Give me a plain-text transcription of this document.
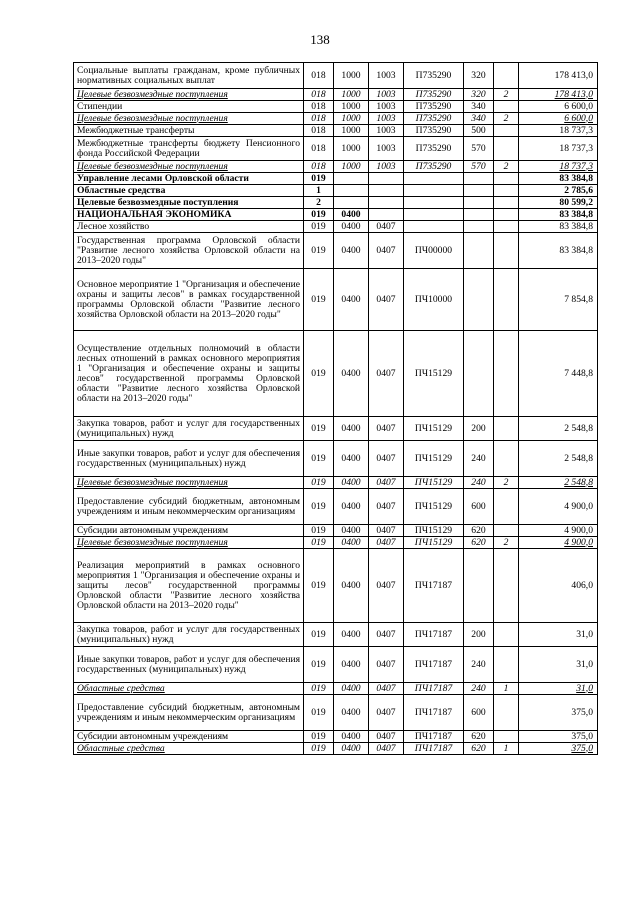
138
Социальные выплаты гражданам, кроме публичных нормативных социальных выплат	018	1000	1003	П735290	320		178 413,0
Целевые безвозмездные поступления	018	1000	1003	П735290	320	2	178 413,0
Стипендии	018	1000	1003	П735290	340		6 600,0
Целевые безвозмездные поступления	018	1000	1003	П735290	340	2	6 600,0
Межбюджетные трансферты	018	1000	1003	П735290	500		18 737,3
Межбюджетные трансферты бюджету Пенсионного фонда Российской Федерации	018	1000	1003	П735290	570		18 737,3
Целевые безвозмездные поступления	018	1000	1003	П735290	570	2	18 737,3
Управление лесами Орловской области	019						83 384,8
Областные средства	1						2 785,6
Целевые безвозмездные поступления	2						80 599,2
НАЦИОНАЛЬНАЯ ЭКОНОМИКА	019	0400					83 384,8
Лесное хозяйство	019	0400	0407				83 384,8
Государственная программа Орловской области "Развитие лесного хозяйства Орловской области на 2013–2020 годы"	019	0400	0407	ПЧ00000			83 384,8
Основное мероприятие 1 "Организация и обеспечение охраны и защиты лесов" в рамках государственной программы Орловской области "Развитие лесного хозяйства Орловской области на 2013–2020 годы"	019	0400	0407	ПЧ10000			7 854,8
Осуществление отдельных полномочий в области лесных отношений в рамках основного мероприятия 1 "Организация и обеспечение охраны и защиты лесов" государственной программы Орловской области "Развитие лесного хозяйства Орловской области на 2013–2020 годы"	019	0400	0407	ПЧ15129			7 448,8
Закупка товаров, работ и услуг для государственных (муниципальных) нужд	019	0400	0407	ПЧ15129	200		2 548,8
Иные закупки товаров, работ и услуг для обеспечения государственных (муниципальных) нужд	019	0400	0407	ПЧ15129	240		2 548,8
Целевые безвозмездные поступления	019	0400	0407	ПЧ15129	240	2	2 548,8
Предоставление субсидий бюджетным, автономным учреждениям и иным некоммерческим организациям	019	0400	0407	ПЧ15129	600		4 900,0
Субсидии автономным учреждениям	019	0400	0407	ПЧ15129	620		4 900,0
Целевые безвозмездные поступления	019	0400	0407	ПЧ15129	620	2	4 900,0
Реализация мероприятий в рамках основного мероприятия 1 "Организация и обеспечение охраны и защиты лесов" государственной программы Орловской области "Развитие лесного хозяйства Орловской области на 2013–2020 годы"	019	0400	0407	ПЧ17187			406,0
Закупка товаров, работ и услуг для государственных (муниципальных) нужд	019	0400	0407	ПЧ17187	200		31,0
Иные закупки товаров, работ и услуг для обеспечения государственных (муниципальных) нужд	019	0400	0407	ПЧ17187	240		31,0
Областные средства	019	0400	0407	ПЧ17187	240	1	31,0
Предоставление субсидий бюджетным, автономным учреждениям и иным некоммерческим организациям	019	0400	0407	ПЧ17187	600		375,0
Субсидии автономным учреждениям	019	0400	0407	ПЧ17187	620		375,0
Областные средства	019	0400	0407	ПЧ17187	620	1	375,0
